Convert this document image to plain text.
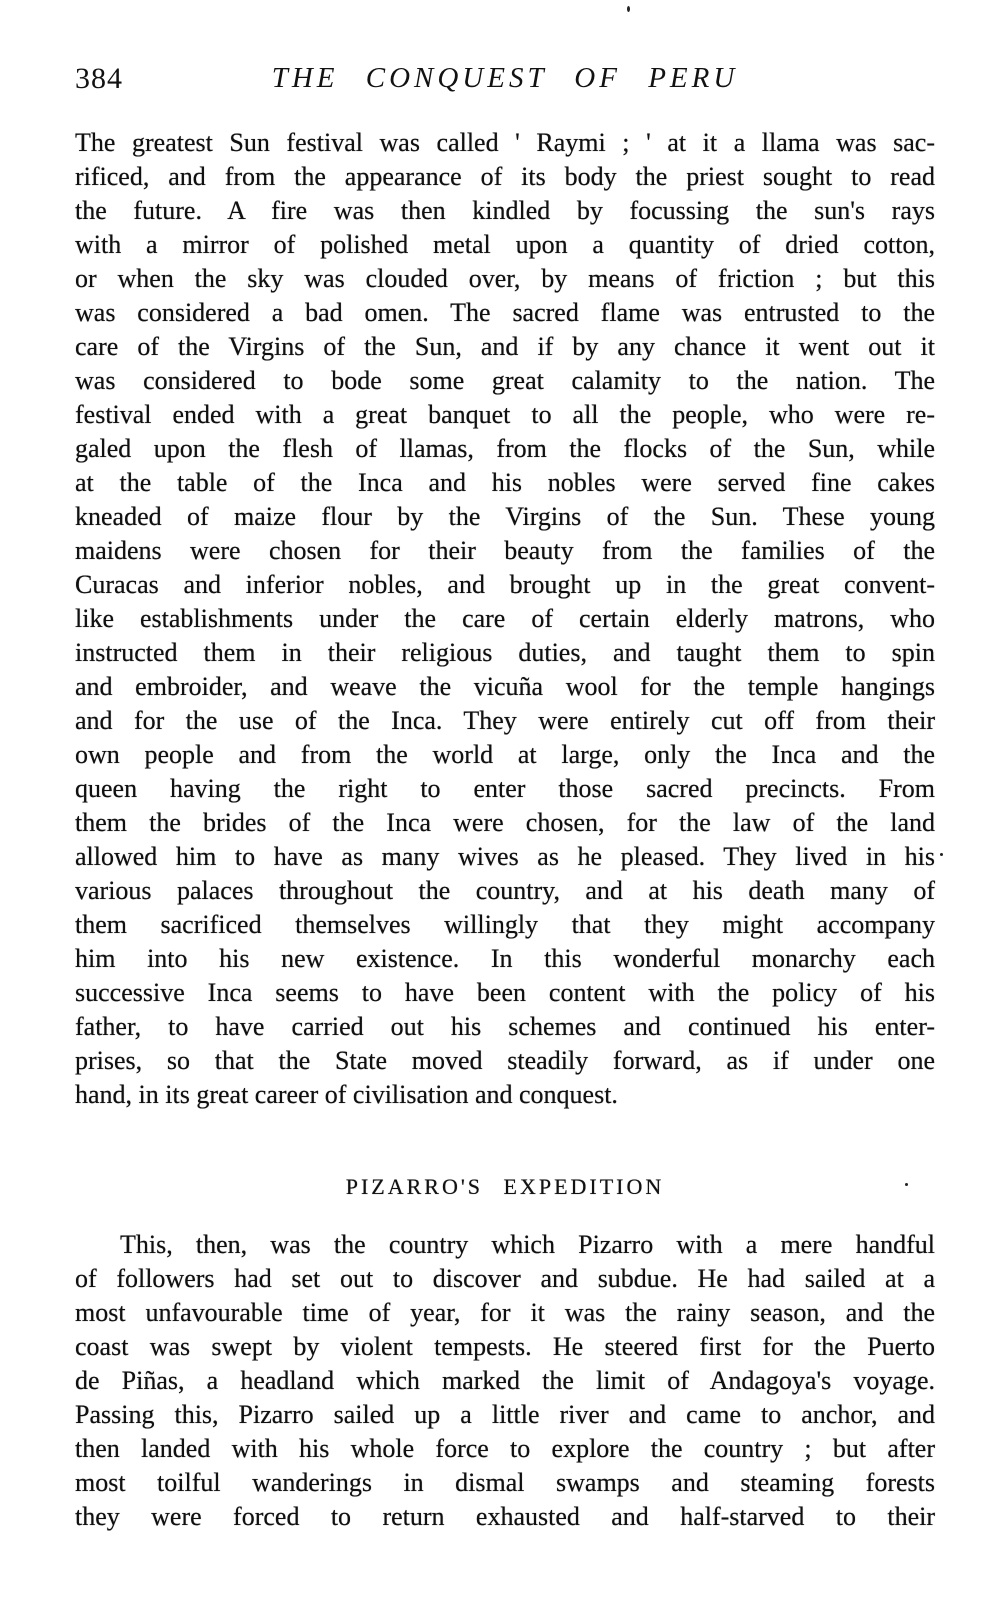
384	THE CONQUEST OF PERU
The greatest Sun festival was called ' Raymi ; ' at it a llama was sac-
rificed, and from the appearance of its body the priest sought to read
the future. A fire was then kindled by focussing the sun's rays
with a mirror of polished metal upon a quantity of dried cotton,
or when the sky was clouded over, by means of friction ; but this
was considered a bad omen. The sacred flame was entrusted to the
care of the Virgins of the Sun, and if by any chance it went out it
was considered to bode some great calamity to the nation. The
festival ended with a great banquet to all the people, who were re-
galed upon the flesh of llamas, from the flocks of the Sun, while
at the table of the Inca and his nobles were served fine cakes
kneaded of maize flour by the Virgins of the Sun. These young
maidens were chosen for their beauty from the families of the
Curacas and inferior nobles, and brought up in the great convent-
like establishments under the care of certain elderly matrons, who
instructed them in their religious duties, and taught them to spin
and embroider, and weave the vicuña wool for the temple hangings
and for the use of the Inca. They were entirely cut off from their
own people and from the world at large, only the Inca and the
queen having the right to enter those sacred precincts. From
them the brides of the Inca were chosen, for the law of the land
allowed him to have as many wives as he pleased. They lived in his
various palaces throughout the country, and at his death many of
them sacrificed themselves willingly that they might accompany
him into his new existence. In this wonderful monarchy each
successive Inca seems to have been content with the policy of his
father, to have carried out his schemes and continued his enter-
prises, so that the State moved steadily forward, as if under one
hand, in its great career of civilisation and conquest.
PIZARRO'S EXPEDITION
This, then, was the country which Pizarro with a mere handful
of followers had set out to discover and subdue. He had sailed at a
most unfavourable time of year, for it was the rainy season, and the
coast was swept by violent tempests. He steered first for the Puerto
de Piñas, a headland which marked the limit of Andagoya's voyage.
Passing this, Pizarro sailed up a little river and came to anchor, and
then landed with his whole force to explore the country ; but after
most toilful wanderings in dismal swamps and steaming forests
they were forced to return exhausted and half-starved to their
